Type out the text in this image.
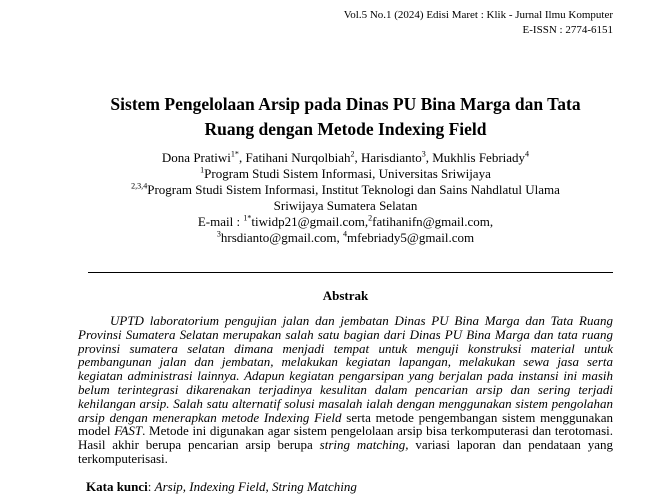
Vol.5 No.1 (2024) Edisi Maret : Klik - Jurnal Ilmu Komputer
E-ISSN : 2774-6151
Sistem Pengelolaan Arsip pada Dinas PU Bina Marga dan Tata
Ruang dengan Metode Indexing Field
Dona Pratiwi$^{1*}$, Fatihani Nurqolbiah$^2$, Harisdianto$^3$, Mukhlis Febriady$^4$
$^1$Program Studi Sistem Informasi, Universitas Sriwijaya
$^{2,3,4}$Program Studi Sistem Informasi, Institut Teknologi dan Sains Nahdlatul Ulama
Sriwijaya Sumatera Selatan
E-mail : $^{1*}$tiwidp21@gmail.com,$^2$fatihanifn@gmail.com,
$^3$hrsdianto@gmail.com, $^4$mfebriady5@gmail.com
Abstrak

UPTD laboratorium pengujian jalan dan jembatan Dinas PU Bina Marga dan Tata Ruang Provinsi Sumatera Selatan merupakan salah satu bagian dari Dinas PU Bina Marga dan tata ruang provinsi sumatera selatan dimana menjadi tempat untuk menguji konstruksi material untuk pembangunan jalan dan jembatan, melakukan kegiatan lapangan, melakukan sewa jasa serta kegiatan administrasi lainnya. Adapun kegiatan pengarsipan yang berjalan pada instansi ini masih belum terintegrasi dikarenakan terjadinya kesulitan dalam pencarian arsip dan sering terjadi kehilangan arsip. Salah satu alternatif solusi masalah ialah dengan menggunakan sistem pengolahan arsip dengan menerapkan metode Indexing Field serta metode pengembangan sistem menggunakan model FAST. Metode ini digunakan agar sistem pengelolaan arsip bisa terkomputerasi dan terotomasi. Hasil akhir berupa pencarian arsip berupa string matching, variasi laporan dan pendataan yang terkomputerisasi.

Kata kunci: Arsip, Indexing Field, String Matching
